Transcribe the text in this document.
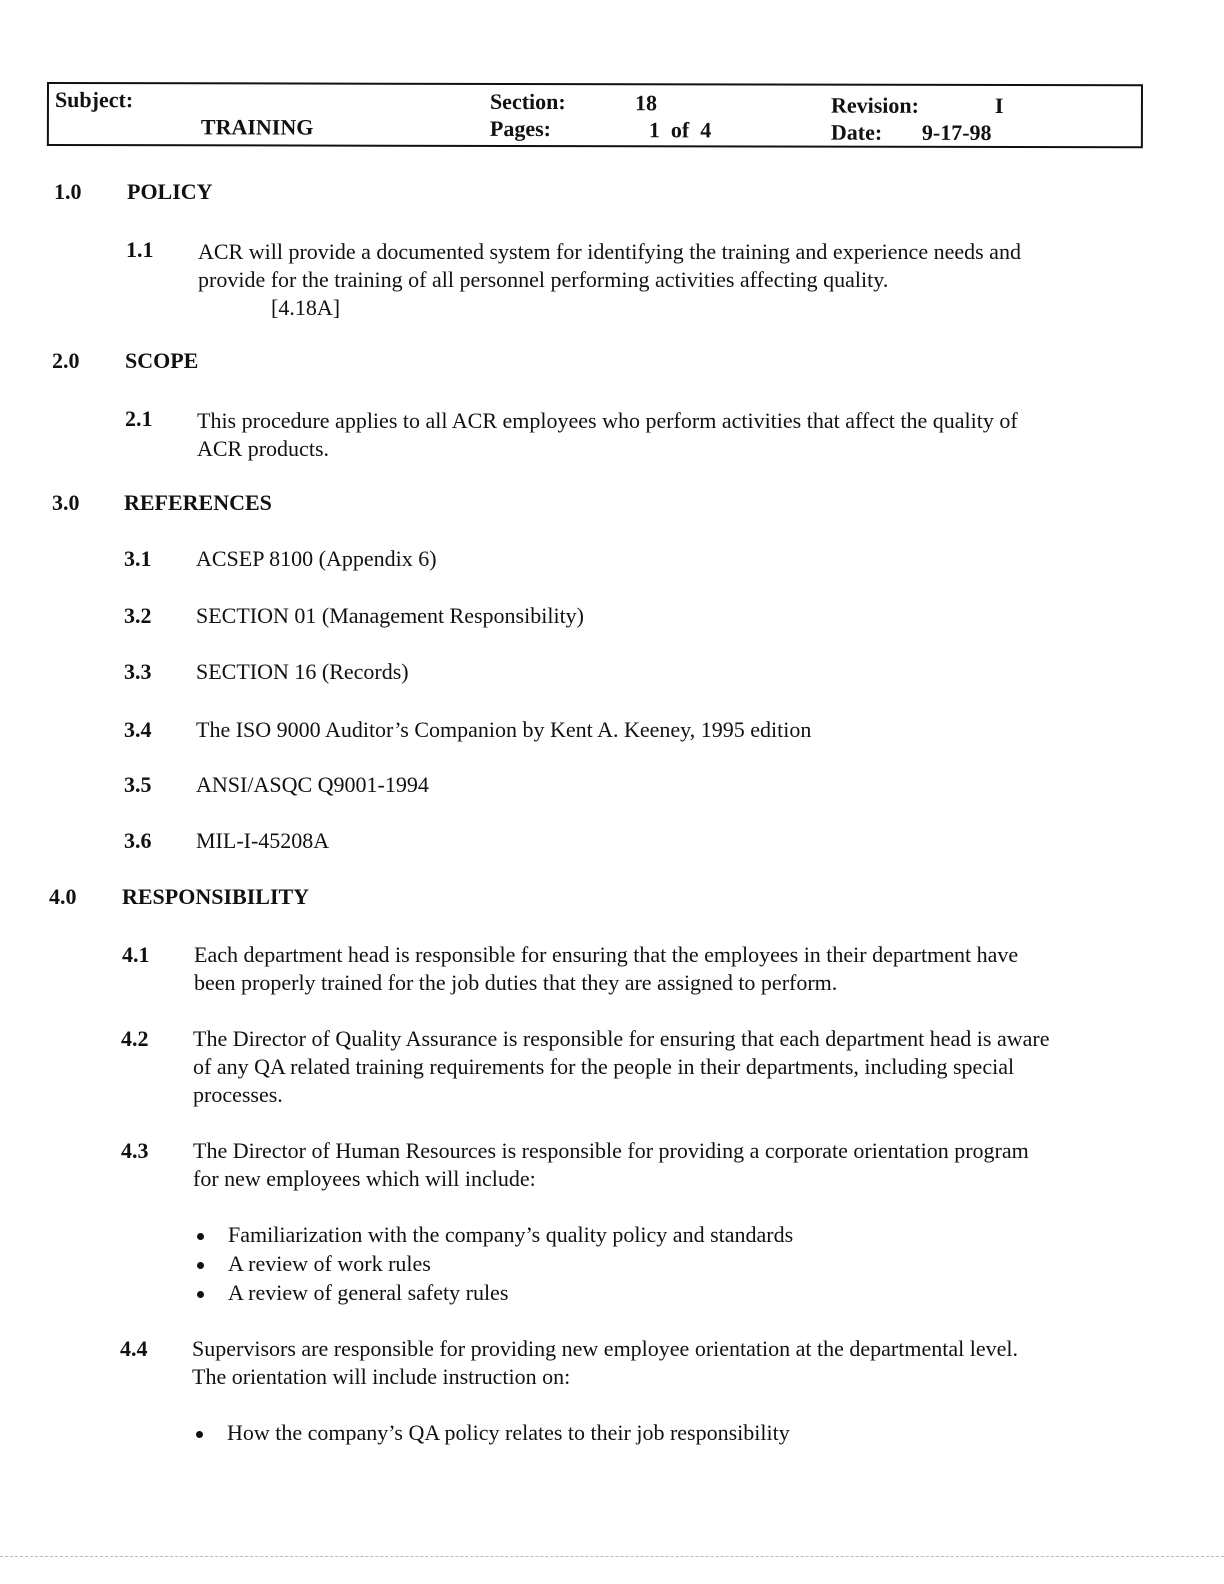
Subject:
TRAINING
Section:	18
Pages:	1  of  4
Revision:	I
Date: 9-17-98
1.0 POLICY
1.1 ACR will provide a documented system for identifying the training and experience needs and
provide for the training of all personnel performing activities affecting quality.
[4.18A]
2.0 SCOPE
2.1 This procedure applies to all ACR employees who perform activities that affect the quality of
ACR products.
3.0 REFERENCES
3.1 ACSEP 8100 (Appendix 6)
3.2 SECTION 01 (Management Responsibility)
3.3 SECTION 16 (Records)
3.4 The ISO 9000 Auditor’s Companion by Kent A. Keeney, 1995 edition
3.5 ANSI/ASQC Q9001-1994
3.6 MIL-I-45208A
4.0 RESPONSIBILITY
4.1 Each department head is responsible for ensuring that the employees in their department have
been properly trained for the job duties that they are assigned to perform.
4.2 The Director of Quality Assurance is responsible for ensuring that each department head is aware
of any QA related training requirements for the people in their departments, including special
processes.
4.3 The Director of Human Resources is responsible for providing a corporate orientation program
for new employees which will include:
Familiarization with the company’s quality policy and standards
A review of work rules
A review of general safety rules
4.4 Supervisors are responsible for providing new employee orientation at the departmental level.
The orientation will include instruction on:
How the company’s QA policy relates to their job responsibility
